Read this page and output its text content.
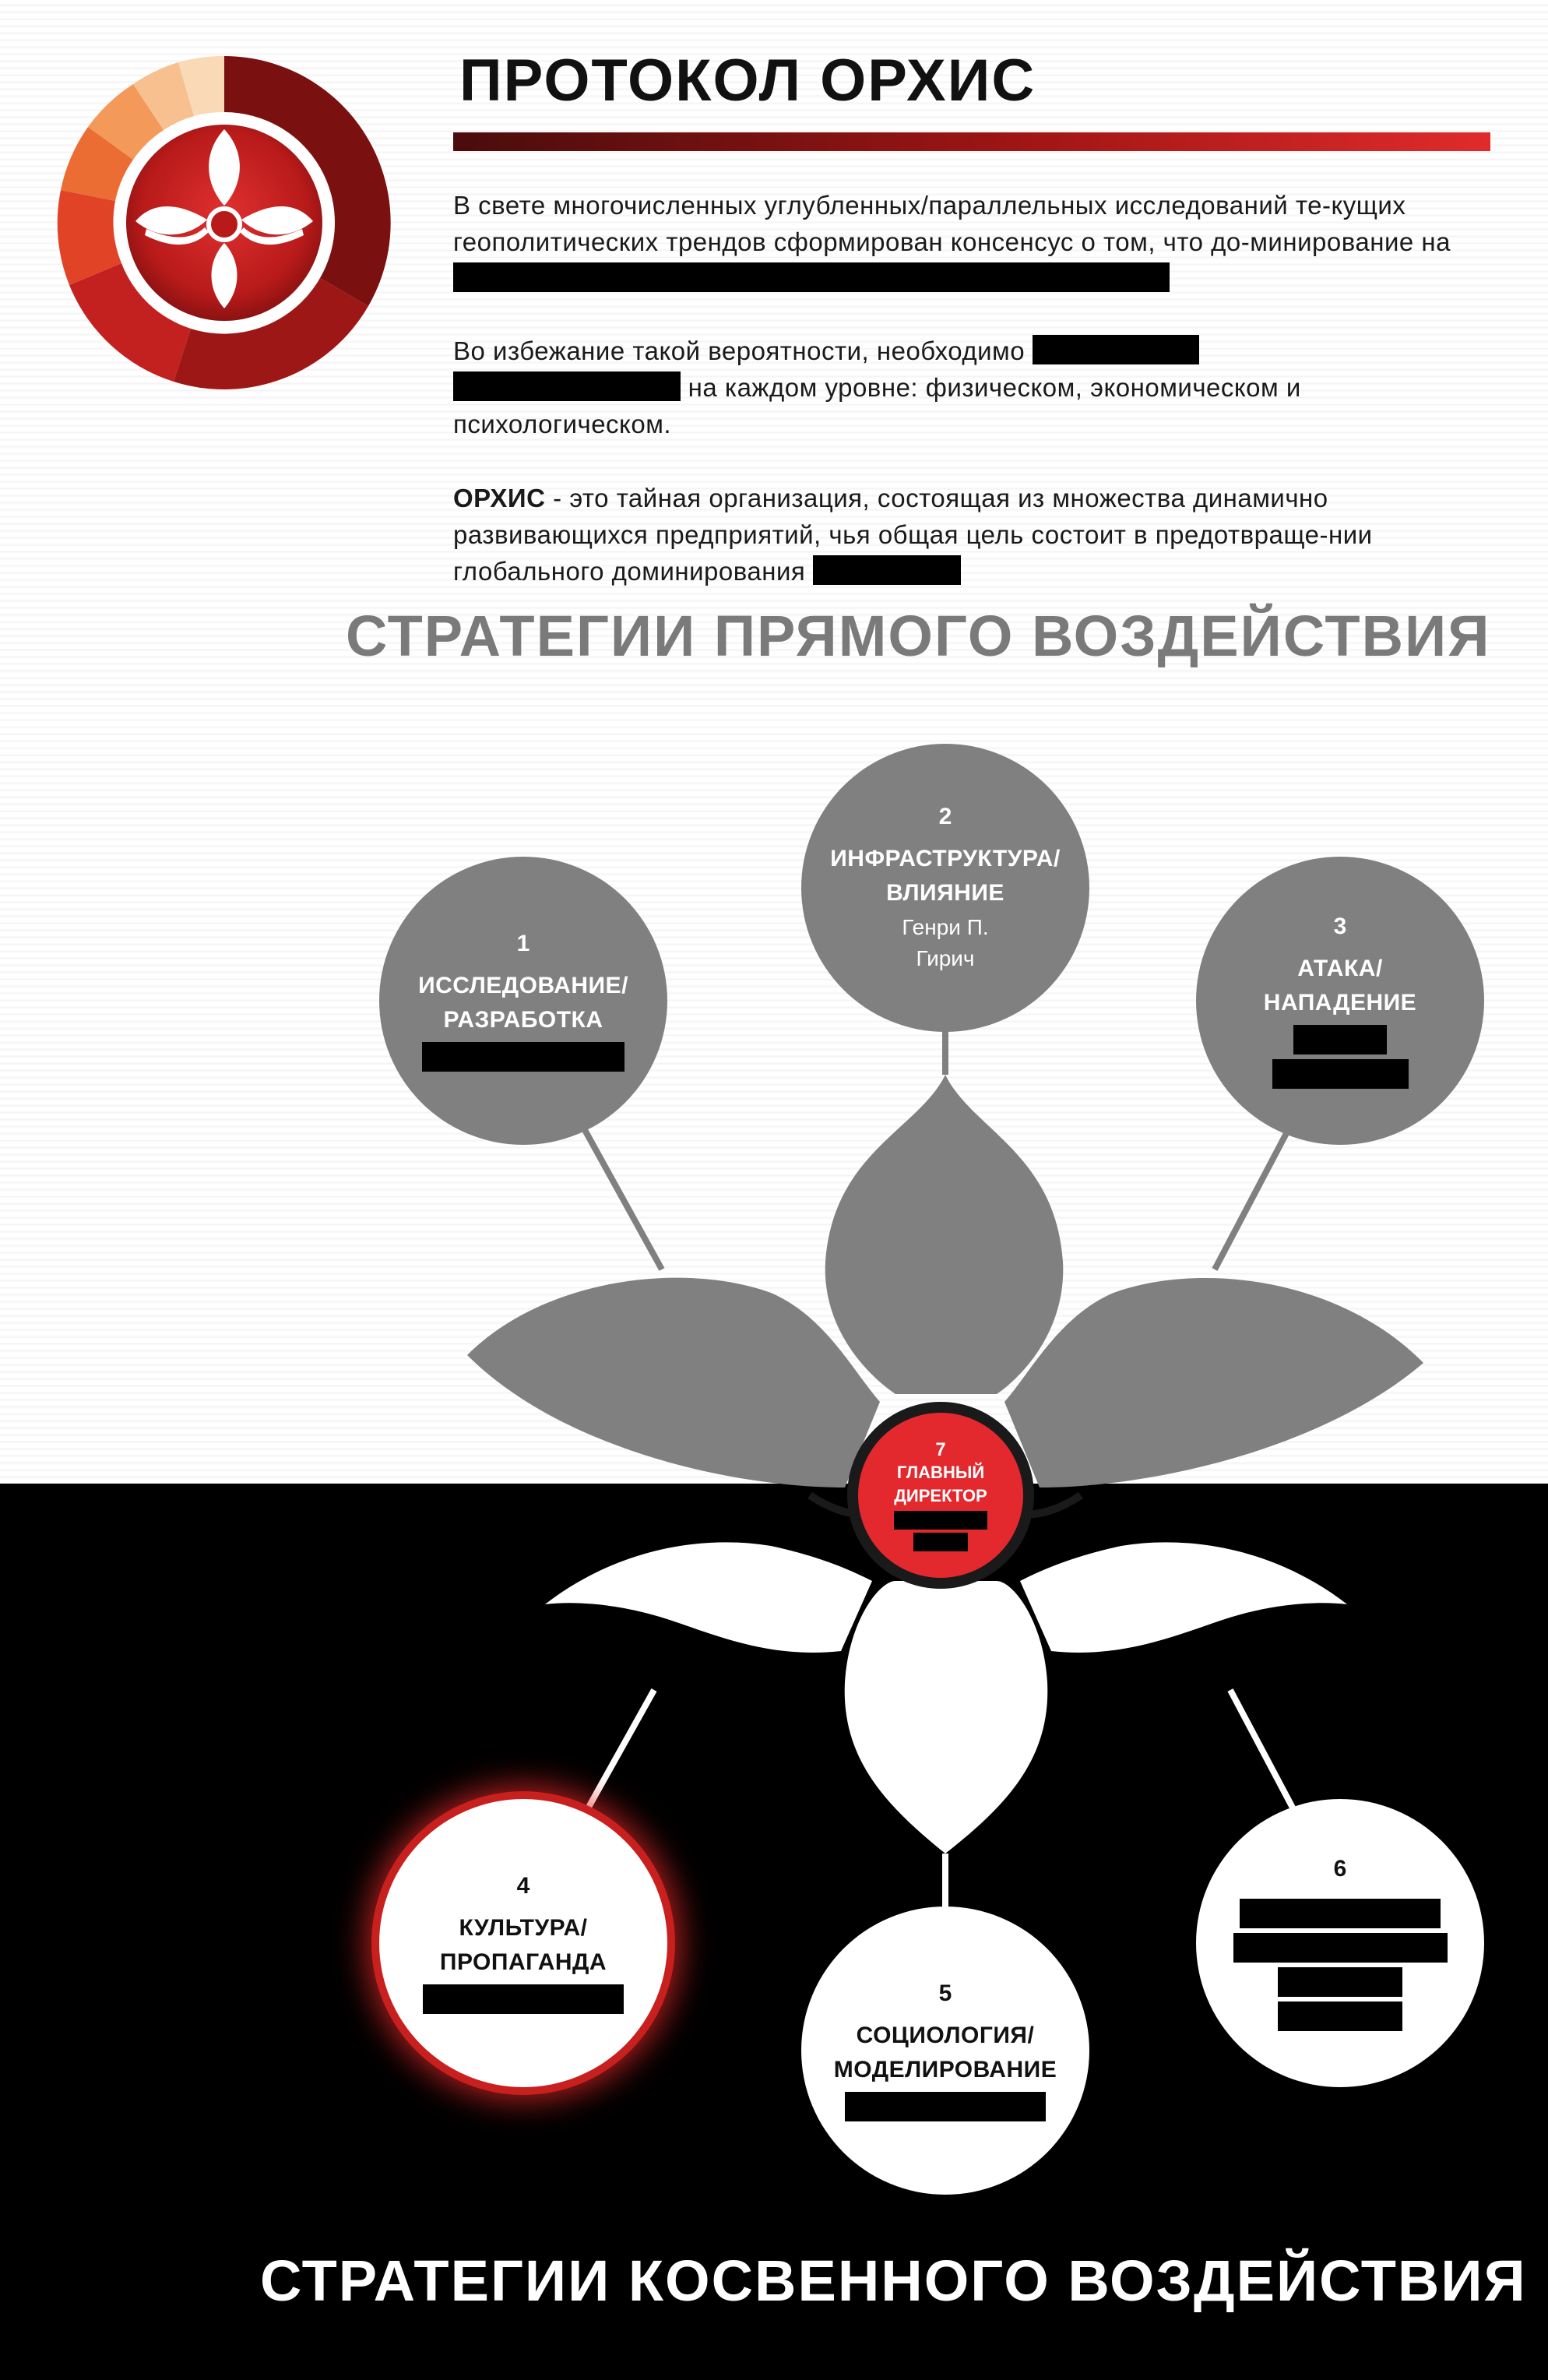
ПРОТОКОЛ ОРХИС

В свете многочисленных углубленных/параллельных исследований те-кущих геополитических трендов сформирован консенсус о том, что до-минирование на

Во избежание такой вероятности, необходимо
на каждом уровне: физическом, экономическом и психологическом.

ОРХИС - это тайная организация, состоящая из множества динамично развивающихся предприятий, чья общая цель состоит в предотвраще-нии глобального доминирования

СТРАТЕГИИ ПРЯМОГО ВОЗДЕЙСТВИЯ
7
ГЛАВНЫЙ
ДИРЕКТОР
1
ИССЛЕДОВАНИЕ/
РАЗРАБОТКА
2
ИНФРАСТРУКТУРА/
ВЛИЯНИЕ
Генри П.
Гирич
3
АТАКА/
НАПАДЕНИЕ
4
КУЛЬТУРА/
ПРОПАГАНДА
5
СОЦИОЛОГИЯ/
МОДЕЛИРОВАНИЕ
6
СТРАТЕГИИ КОСВЕННОГО ВОЗДЕЙСТВИЯ
